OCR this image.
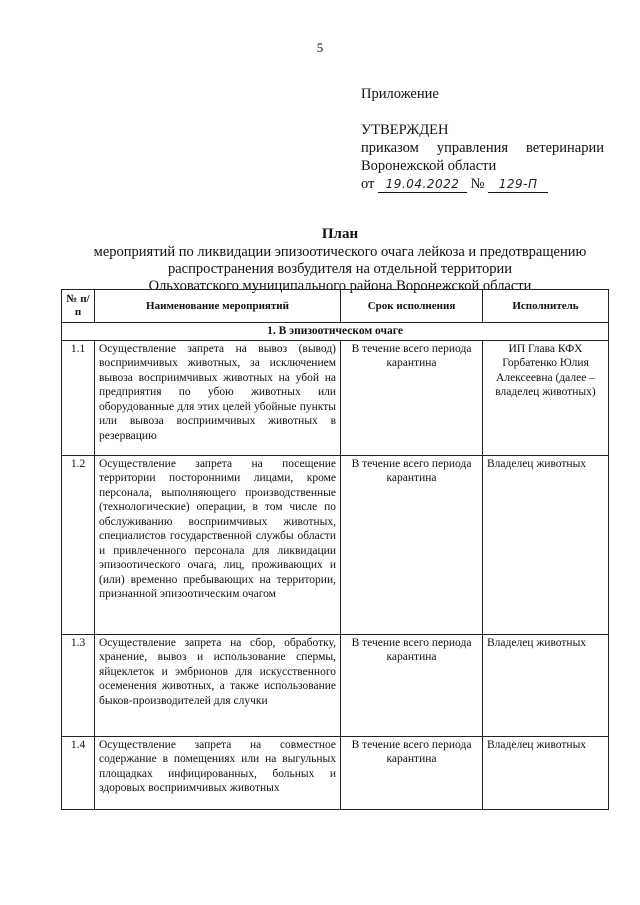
5
Приложение
УТВЕРЖДЕН
приказом управления ветеринарии
Воронежской области
от 19.04.2022 № 129-П
План
мероприятий по ликвидации эпизоотического очага лейкоза и предотвращению
распространения возбудителя на отдельной территории
Ольховатского муниципального района Воронежской области
№ п/п	Наименование мероприятий	Срок исполнения	Исполнитель
1. В эпизоотическом очаге			
1.1	Осуществление запрета на вывоз (вывод) восприимчивых животных, за исключением вывоза восприимчивых животных на убой на предприятия по убою животных или оборудованные для этих целей убойные пункты или вывоза восприимчивых животных в резервацию	В течение всего периода карантина	ИП Глава КФХ Горбатенко Юлия Алексеевна (далее – владелец животных)
1.2	Осуществление запрета на посещение территории посторонними лицами, кроме персонала, выполняющего производственные (технологические) операции, в том числе по обслуживанию восприимчивых животных, специалистов государственной службы области и привлеченного персонала для ликвидации эпизоотического очага, лиц, проживающих и (или) временно пребывающих на территории, признанной эпизоотическим очагом	В течение всего периода карантина	Владелец животных
1.3	Осуществление запрета на сбор, обработку, хранение, вывоз и использование спермы, яйцеклеток и эмбрионов для искусственного осеменения животных, а также использование быков-производителей для случки	В течение всего периода карантина	Владелец животных
1.4	Осуществление запрета на совместное содержание в помещениях или на выгульных площадках инфицированных, больных и здоровых восприимчивых животных	В течение всего периода карантина	Владелец животных
